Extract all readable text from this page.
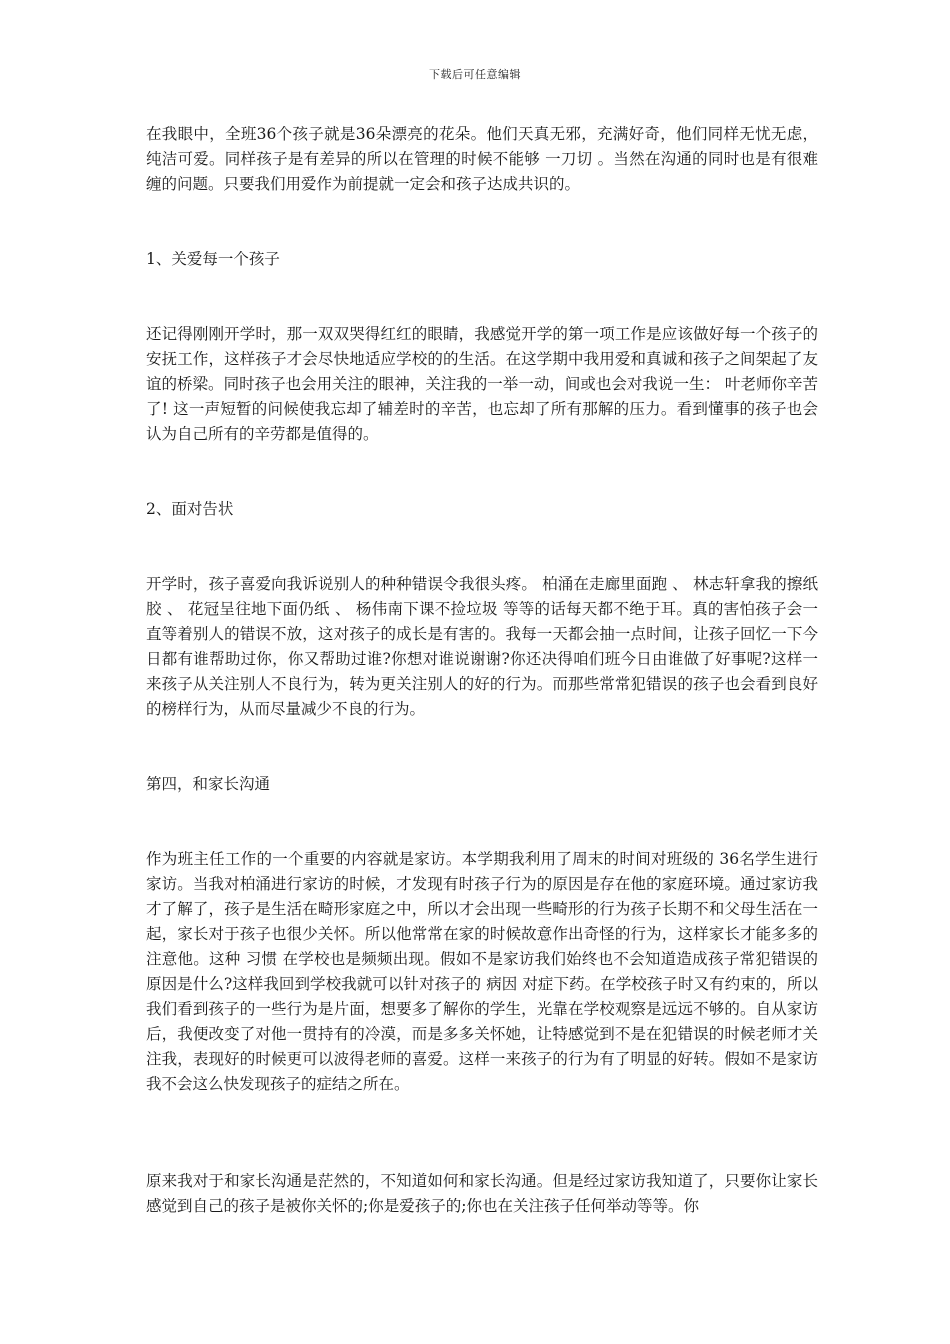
下载后可任意编辑

在我眼中，全班36个孩子就是36朵漂亮的花朵。他们天真无邪，充满好奇，他们同样无忧无虑，纯洁可爱。同样孩子是有差异的所以在管理的时候不能够 一刀切 。当然在沟通的同时也是有很难缠的问题。只要我们用爱作为前提就一定会和孩子达成共识的。

1、关爱每一个孩子

还记得刚刚开学时，那一双双哭得红红的眼睛，我感觉开学的第一项工作是应该做好每一个孩子的安抚工作，这样孩子才会尽快地适应学校的的生活。在这学期中我用爱和真诚和孩子之间架起了友谊的桥梁。同时孩子也会用关注的眼神，关注我的一举一动，间或也会对我说一生： 叶老师你辛苦了! 这一声短暂的问候使我忘却了辅差时的辛苦，也忘却了所有那解的压力。看到懂事的孩子也会认为自己所有的辛劳都是值得的。

2、面对告状

开学时，孩子喜爱向我诉说别人的种种错误令我很头疼。 柏涌在走廊里面跑 、 林志轩拿我的擦纸胶 、 花冠呈往地下面仍纸 、 杨伟南下课不捡垃圾 等等的话每天都不绝于耳。真的害怕孩子会一直等着别人的错误不放，这对孩子的成长是有害的。我每一天都会抽一点时间，让孩子回忆一下今日都有谁帮助过你，你又帮助过谁?你想对谁说谢谢?你还决得咱们班今日由谁做了好事呢?这样一来孩子从关注别人不良行为，转为更关注别人的好的行为。而那些常常犯错误的孩子也会看到良好的榜样行为，从而尽量减少不良的行为。

第四，和家长沟通

作为班主任工作的一个重要的内容就是家访。本学期我利用了周末的时间对班级的 36名学生进行家访。当我对柏涌进行家访的时候，才发现有时孩子行为的原因是存在他的家庭环境。通过家访我才了解了，孩子是生活在畸形家庭之中，所以才会出现一些畸形的行为孩子长期不和父母生活在一起，家长对于孩子也很少关怀。所以他常常在家的时候故意作出奇怪的行为，这样家长才能多多的注意他。这种 习惯 在学校也是频频出现。假如不是家访我们始终也不会知道造成孩子常犯错误的原因是什么?这样我回到学校我就可以针对孩子的 病因 对症下药。在学校孩子时又有约束的，所以我们看到孩子的一些行为是片面，想要多了解你的学生，光靠在学校观察是远远不够的。自从家访后，我便改变了对他一贯持有的冷漠，而是多多关怀她，让特感觉到不是在犯错误的时候老师才关注我，表现好的时候更可以波得老师的喜爱。这样一来孩子的行为有了明显的好转。假如不是家访我不会这么快发现孩子的症结之所在。

原来我对于和家长沟通是茫然的，不知道如何和家长沟通。但是经过家访我知道了，只要你让家长感觉到自己的孩子是被你关怀的;你是爱孩子的;你也在关注孩子任何举动等等。你
